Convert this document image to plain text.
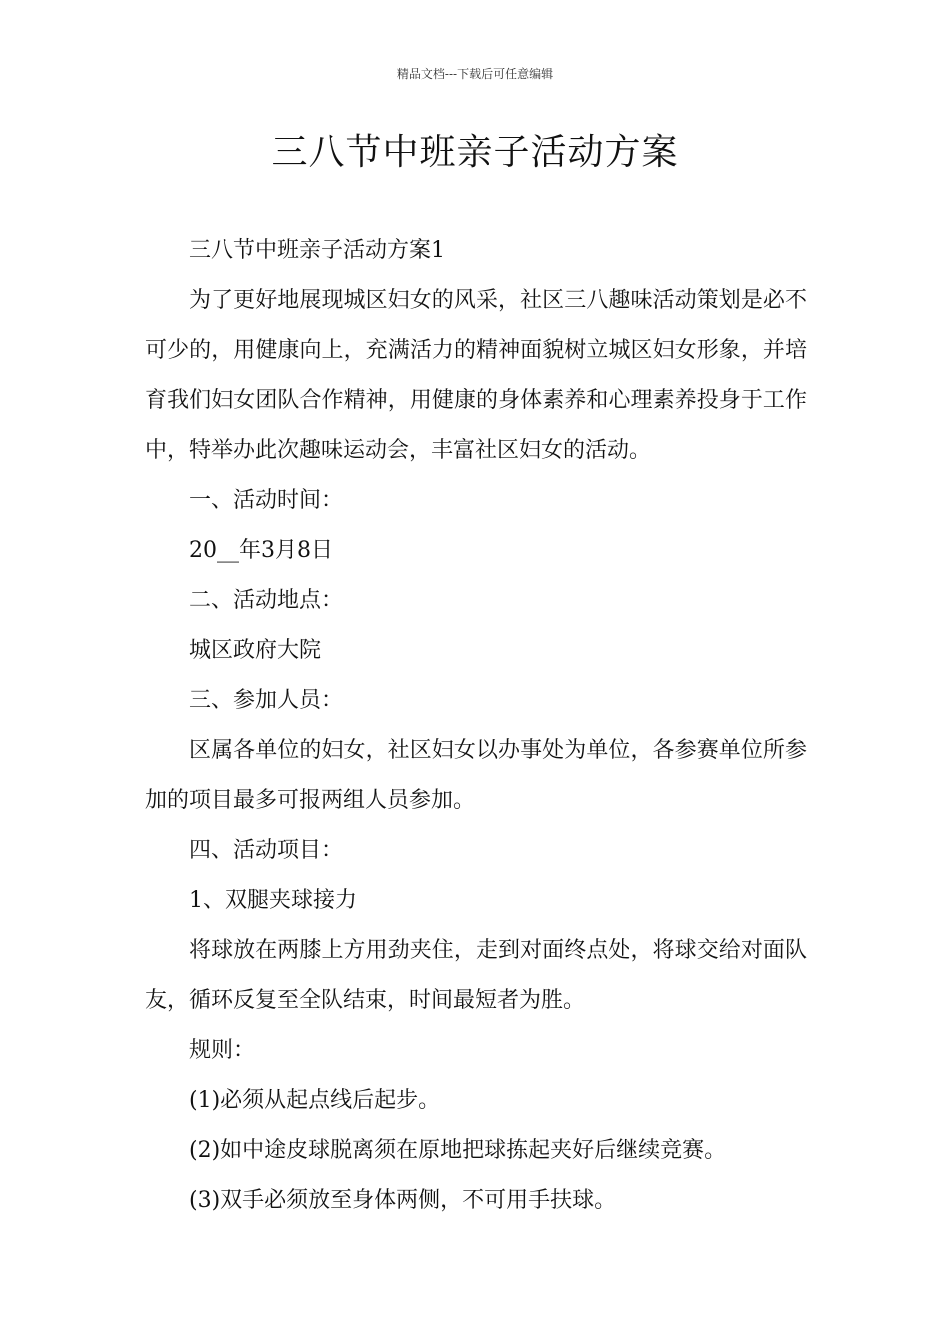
精品文档---下载后可任意编辑
三八节中班亲子活动方案

三八节中班亲子活动方案1

为了更好地展现城区妇女的风采，社区三八趣味活动策划是必不可少的，用健康向上，充满活力的精神面貌树立城区妇女形象，并培育我们妇女团队合作精神，用健康的身体素养和心理素养投身于工作中，特举办此次趣味运动会，丰富社区妇女的活动。

一、活动时间：

20__年3月8日

二、活动地点：

城区政府大院

三、参加人员：

区属各单位的妇女，社区妇女以办事处为单位，各参赛单位所参加的项目最多可报两组人员参加。

四、活动项目：

1、双腿夹球接力

将球放在两膝上方用劲夹住，走到对面终点处，将球交给对面队友，循环反复至全队结束，时间最短者为胜。

规则：

(1)必须从起点线后起步。

(2)如中途皮球脱离须在原地把球拣起夹好后继续竞赛。

(3)双手必须放至身体两侧，不可用手扶球。
